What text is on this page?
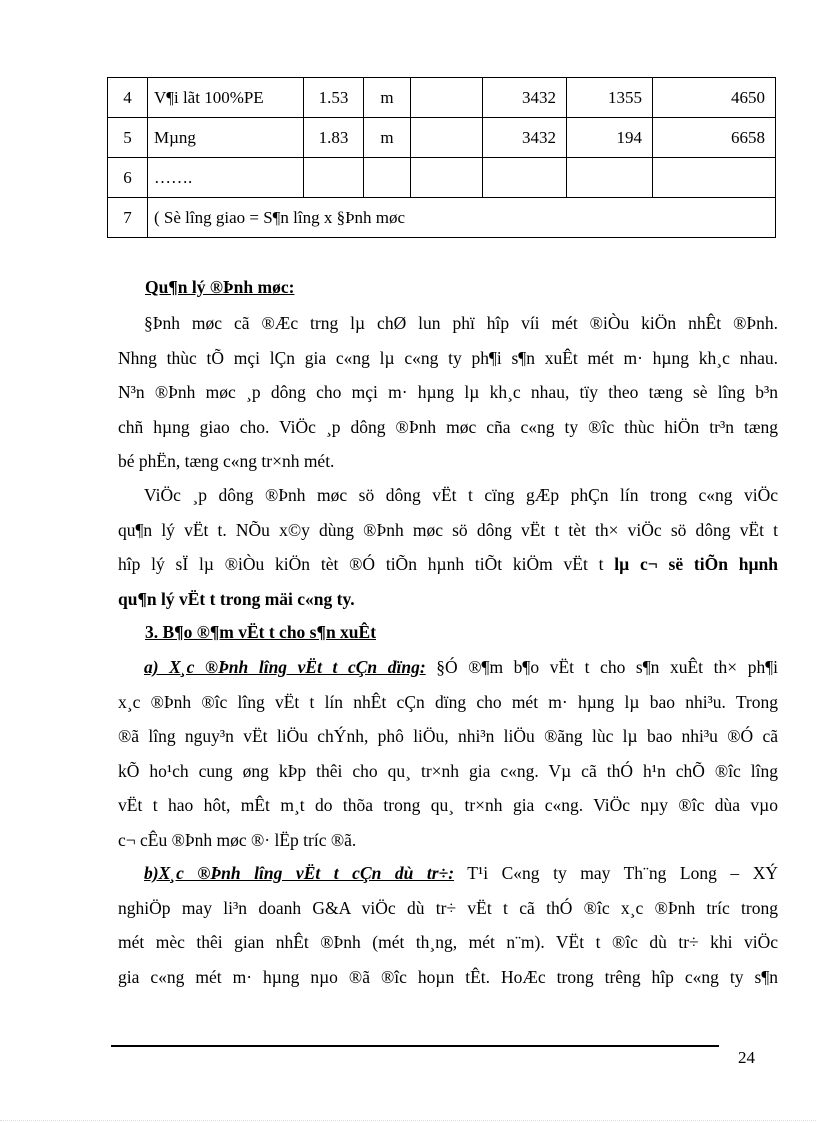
4	V¶i lãt 100%PE	1.53	m		3432	1355	4650
5	Mµng	1.83	m		3432	194	6658
6	…….						
7	( Sè lîng giao = S¶n lîng x §Þnh møc						
Qu¶n lý ®Þnh møc:
§Þnh møc cã ®Æc trng lµ chØ lun phï hîp víi mét ®iÒu kiÖn nhÊt ®Þnh.
Nhng thùc tÕ mçi lÇn gia c«ng lµ c«ng ty ph¶i s¶n xuÊt mét m· hµng kh¸c nhau.
N³n ®Þnh møc ¸p dông cho mçi m· hµng lµ kh¸c nhau, tïy theo tæng sè lîng b³n
chñ hµng giao cho. ViÖc ¸p dông ®Þnh møc cña c«ng ty ®îc thùc hiÖn tr³n tæng
bé phËn, tæng c«ng tr×nh mét.
ViÖc ¸p dông ®Þnh møc sö dông vËt t cïng gÆp phÇn lín trong c«ng viÖc
qu¶n lý vËt t. NÕu x©y dùng ®Þnh møc sö dông vËt t tèt th× viÖc sö dông vËt t
hîp lý sÏ lµ ®iÒu kiÖn tèt ®Ó tiÕn hµnh tiÕt kiÖm vËt t lµ c¬ së tiÕn hµnh
qu¶n lý vËt t trong mäi c«ng ty.
3. B¶o ®¶m vËt t cho s¶n xuÊt
a) X¸c ®Þnh lîng vËt t cÇn dïng: §Ó ®¶m b¶o vËt t cho s¶n xuÊt th× ph¶i
x¸c ®Þnh ®îc lîng vËt t lín nhÊt cÇn dïng cho mét m· hµng lµ bao nhi³u. Trong
®ã lîng nguy³n vËt liÖu chÝnh, phô liÖu, nhi³n liÖu ®ãng lùc lµ bao nhi³u ®Ó cã
kÕ ho¹ch cung øng kÞp thêi cho qu¸ tr×nh gia c«ng. Vµ cã thÓ h¹n chÕ ®îc lîng
vËt t hao hôt, mÊt m¸t do thõa trong qu¸ tr×nh gia c«ng. ViÖc nµy ®îc dùa vµo
c¬ cÊu ®Þnh møc ®· lËp tríc ®ã.
b)X¸c ®Þnh lîng vËt t cÇn dù tr÷: T¹i C«ng ty may Th¨ng Long – XÝ
nghiÖp may li³n doanh G&A viÖc dù tr÷ vËt t cã thÓ ®îc x¸c ®Þnh tríc trong
mét mèc thêi gian nhÊt ®Þnh (mét th¸ng, mét n¨m). VËt t ®îc dù tr÷ khi viÖc
gia c«ng mét m· hµng nµo ®ã ®îc hoµn tÊt. HoÆc trong trêng hîp c«ng ty s¶n
24
